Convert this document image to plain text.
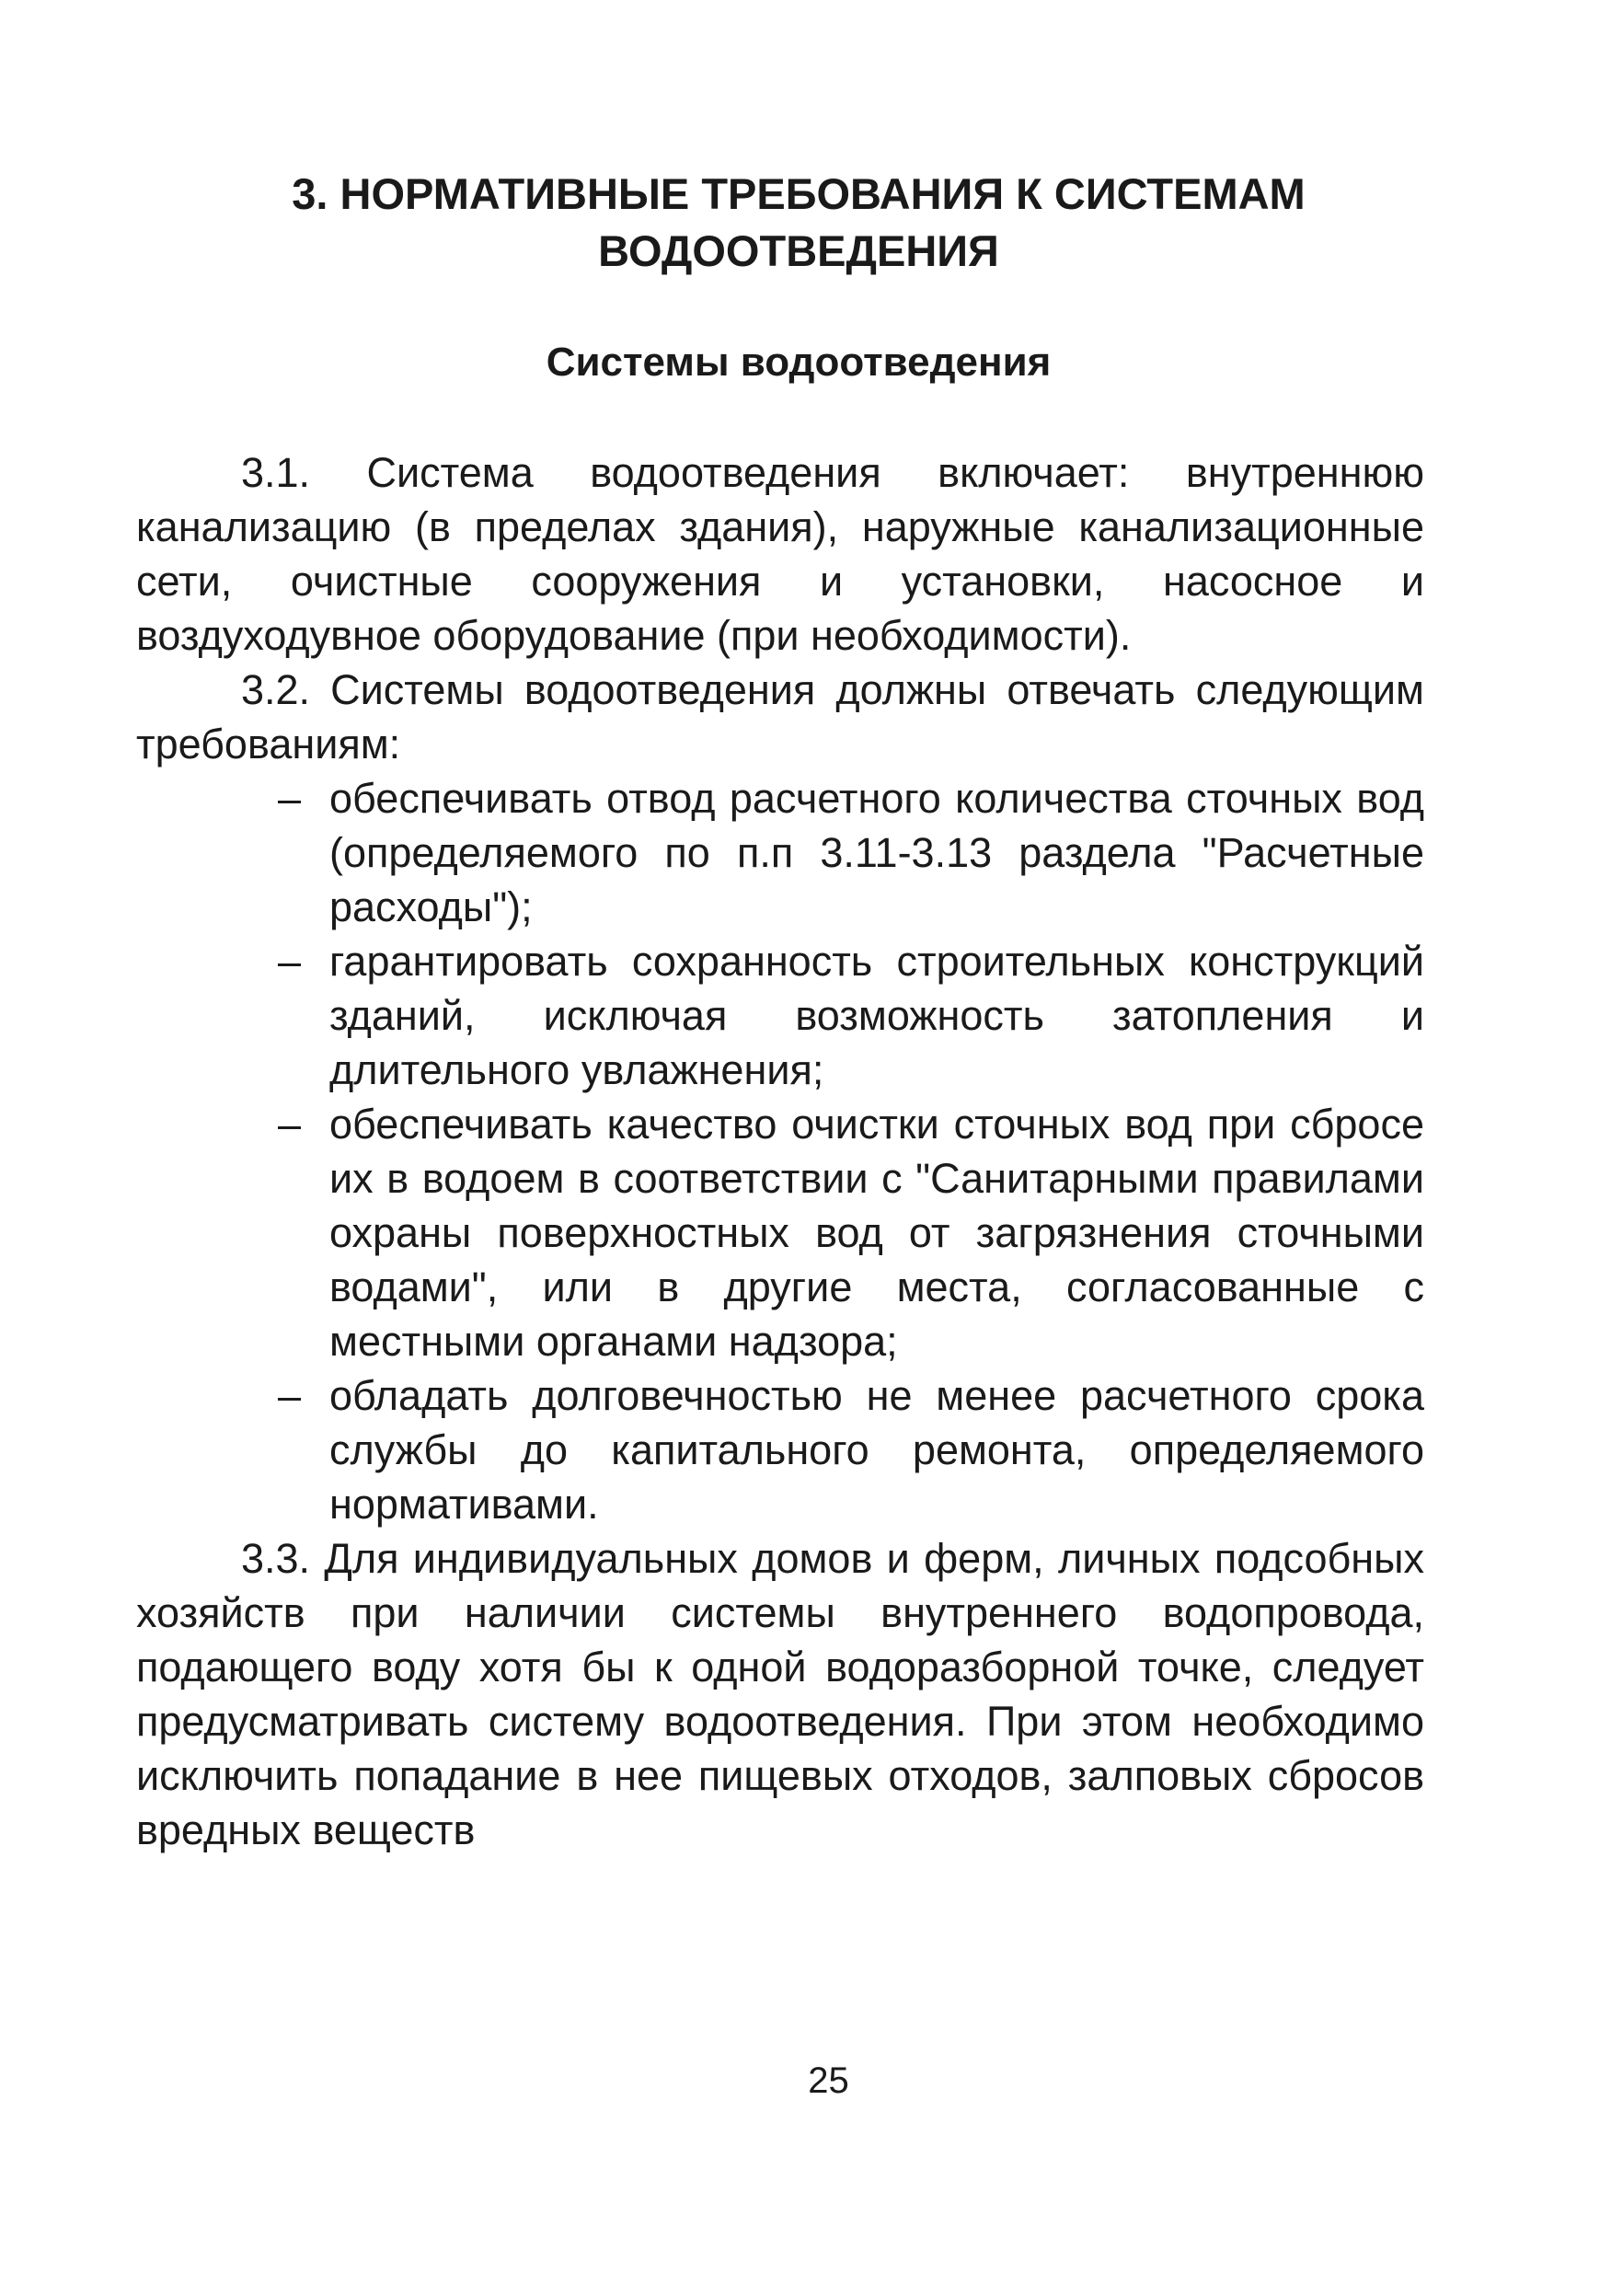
3. НОРМАТИВНЫЕ ТРЕБОВАНИЯ К СИСТЕМАМ ВОДООТВЕДЕНИЯ
Системы водоотведения

3.1. Система водоотведения включает: внутреннюю канализацию (в пределах здания), наружные канализационные сети, очистные сооружения и установки, насосное и воздуходувное оборудование (при необходимости).

3.2. Системы водоотведения должны отвечать следующим требованиям:

– обеспечивать отвод расчетного количества сточных вод (определяемого по п.п 3.11-3.13 раздела "Расчетные расходы");
– гарантировать сохранность строительных конструкций зданий, исключая возможность затопления и длительного увлажнения;
– обеспечивать качество очистки сточных вод при сбросе их в водоем в соответствии с "Санитарными правилами охраны поверхностных вод от загрязнения сточными водами", или в другие места, согласованные с местными органами надзора;
– обладать долговечностью не менее расчетного срока службы до капитального ремонта, определяемого нормативами.

3.3. Для индивидуальных домов и ферм, личных подсобных хозяйств при наличии системы внутреннего водопровода, подающего воду хотя бы к одной водоразборной точке, следует предусматривать систему водоотведения. При этом необходимо исключить попадание в нее пищевых отходов, залповых сбросов вредных веществ

25
